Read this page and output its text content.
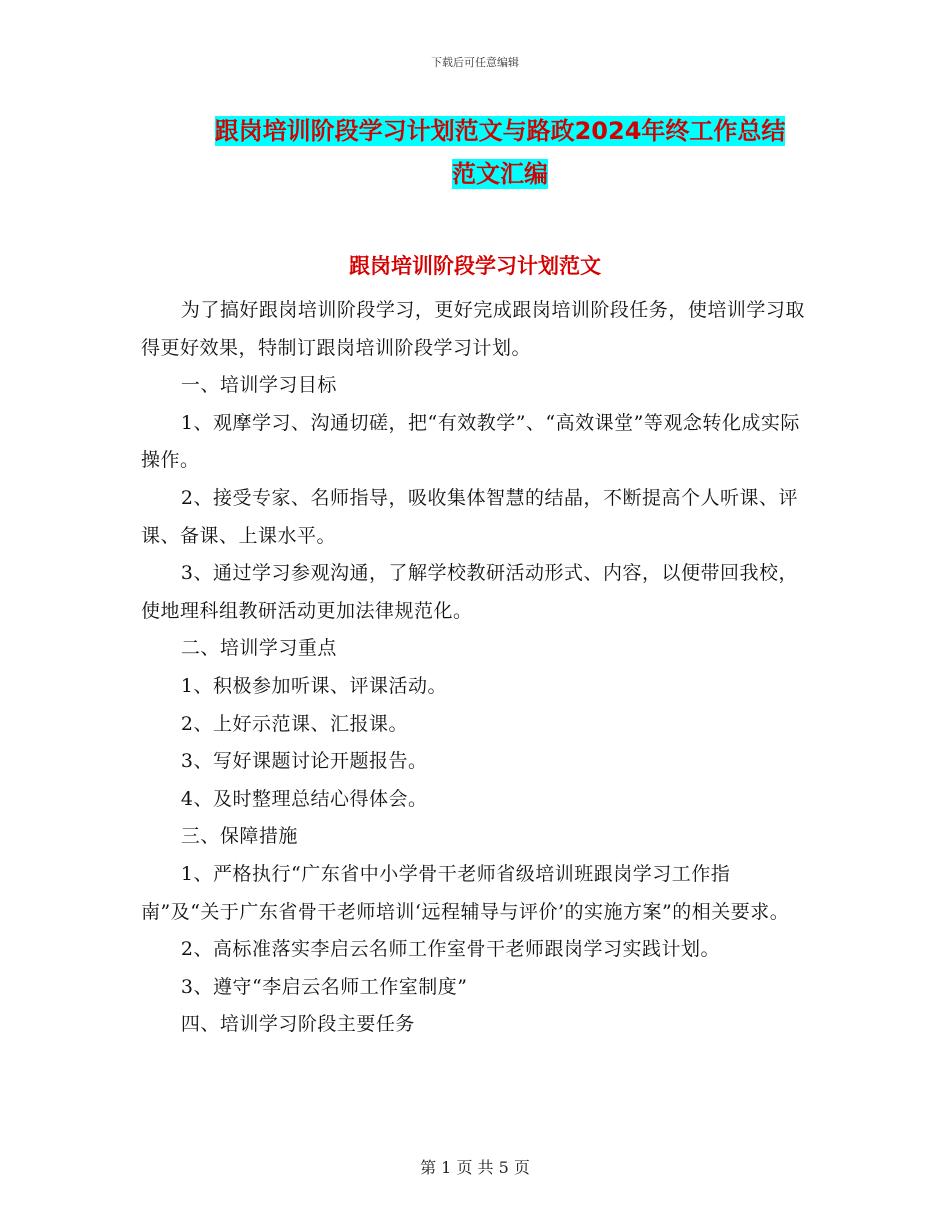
下载后可任意编辑
跟岗培训阶段学习计划范文与路政2024年终工作总结
范文汇编
跟岗培训阶段学习计划范文

为了搞好跟岗培训阶段学习，更好完成跟岗培训阶段任务，使培训学习取得更好效果，特制订跟岗培训阶段学习计划。

一、培训学习目标

1、观摩学习、沟通切磋，把“有效教学”、“高效课堂”等观念转化成实际操作。

2、接受专家、名师指导，吸收集体智慧的结晶，不断提高个人听课、评课、备课、上课水平。

3、通过学习参观沟通，了解学校教研活动形式、内容，以便带回我校，使地理科组教研活动更加法律规范化。

二、培训学习重点

1、积极参加听课、评课活动。

2、上好示范课、汇报课。

3、写好课题讨论开题报告。

4、及时整理总结心得体会。

三、保障措施

1、严格执行“广东省中小学骨干老师省级培训班跟岗学习工作指南”及“关于广东省骨干老师培训‘远程辅导与评价’的实施方案”的相关要求。

2、高标准落实李启云名师工作室骨干老师跟岗学习实践计划。

3、遵守“李启云名师工作室制度”

四、培训学习阶段主要任务

第 1 页 共 5 页
